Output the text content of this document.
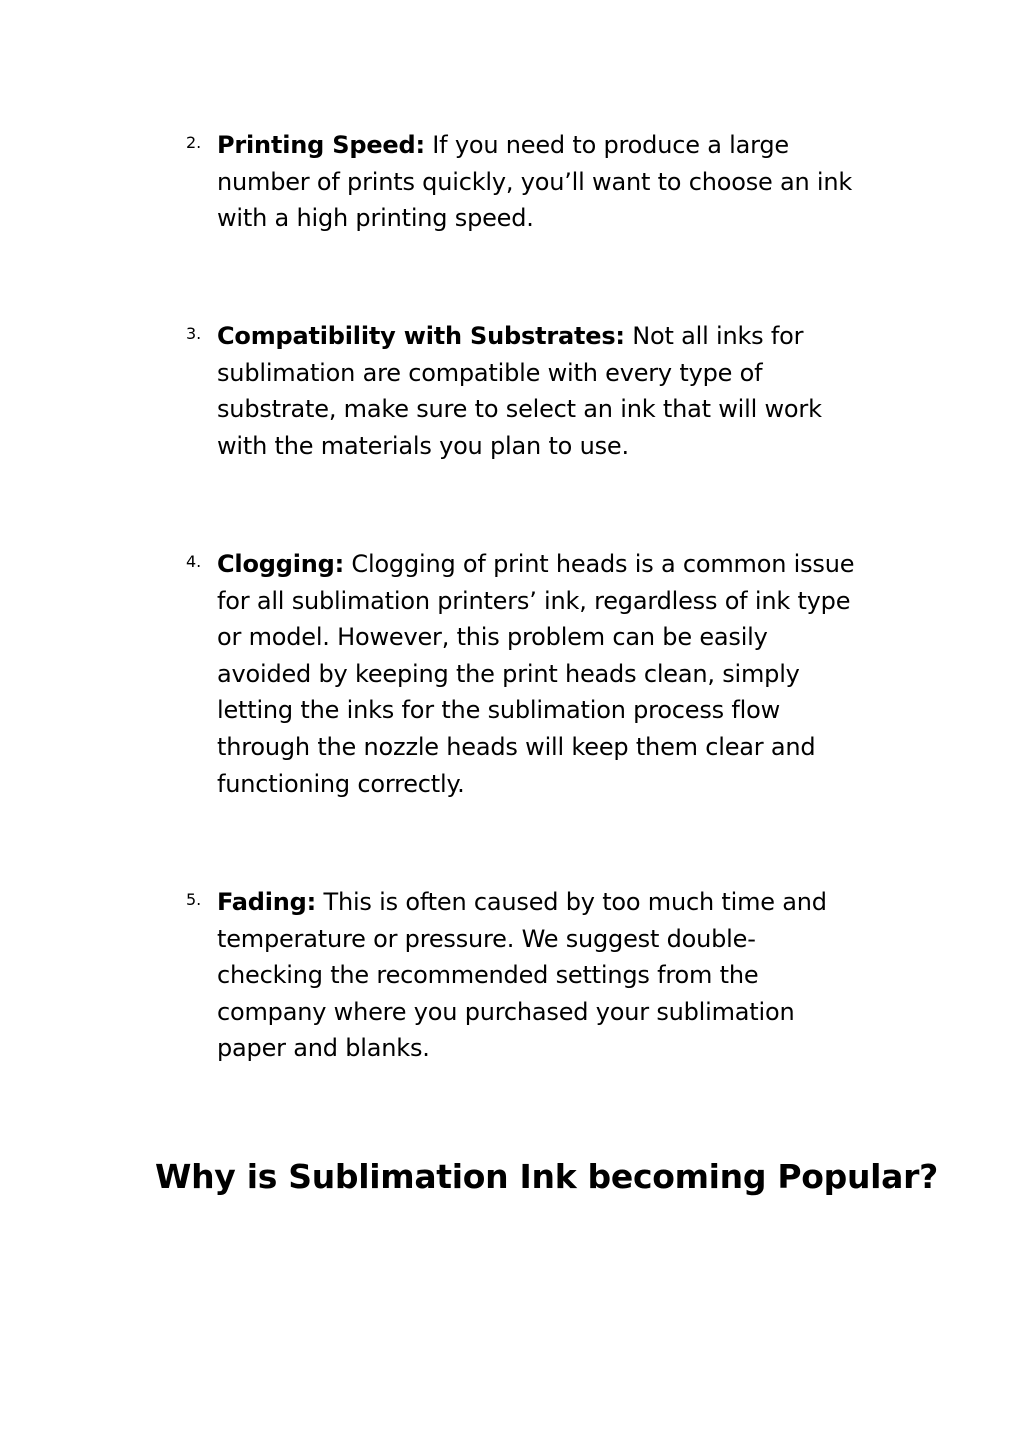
2. Printing Speed: If you need to produce a large
number of prints quickly, you’ll want to choose an ink
with a high printing speed.

3. Compatibility with Substrates: Not all inks for
sublimation are compatible with every type of
substrate, make sure to select an ink that will work
with the materials you plan to use.

4. Clogging: Clogging of print heads is a common issue
for all sublimation printers’ ink, regardless of ink type
or model. However, this problem can be easily
avoided by keeping the print heads clean, simply
letting the inks for the sublimation process flow
through the nozzle heads will keep them clear and
functioning correctly.

5. Fading: This is often caused by too much time and
temperature or pressure. We suggest double-
checking the recommended settings from the
company where you purchased your sublimation
paper and blanks.

Why is Sublimation Ink becoming Popular?
